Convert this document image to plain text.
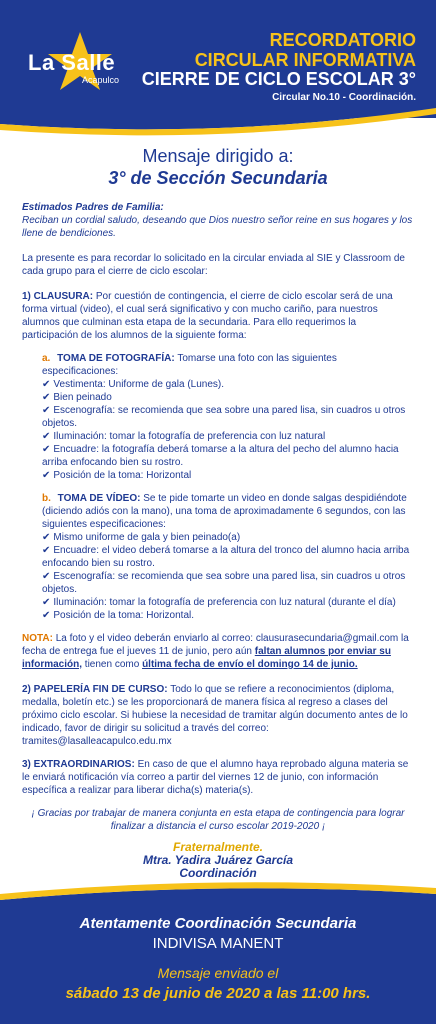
La Salle
Acapulco
RECORDATORIO
CIRCULAR INFORMATIVA
CIERRE DE CICLO ESCOLAR 3°
Circular No.10 - Coordinación.
Mensaje dirigido a:
3° de Sección Secundaria
Estimados Padres de Familia:
Reciban un cordial saludo, deseando que Dios nuestro señor reine en sus hogares y los llene de bendiciones.

La presente es para recordar lo solicitado en la circular enviada al SIE y Classroom de cada grupo para el cierre de ciclo escolar:

1) CLAUSURA: Por cuestión de contingencia, el cierre de ciclo escolar será de una forma virtual (video), el cual será significativo y con mucho cariño, para nuestros alumnos que culminan esta etapa de la secundaria. Para ello requerimos la participación de los alumnos de la siguiente forma:
a. TOMA DE FOTOGRAFÍA: Tomarse una foto con las siguientes especificaciones:
✔ Vestimenta: Uniforme de gala (Lunes).
✔ Bien peinado
✔ Escenografía: se recomienda que sea sobre una pared lisa, sin cuadros u otros objetos.
✔ Iluminación: tomar la fotografía de preferencia con luz natural
✔ Encuadre: la fotografía deberá tomarse a la altura del pecho del alumno hacia arriba enfocando bien su rostro.
✔ Posición de la toma: Horizontal
b. TOMA DE VÍDEO: Se te pide tomarte un video en donde salgas despidiéndote (diciendo adiós con la mano), una toma de aproximadamente 6 segundos, con las siguientes especificaciones:
✔ Mismo uniforme de gala y bien peinado(a)
✔ Encuadre: el video deberá tomarse a la altura del tronco del alumno hacia arriba enfocando bien su rostro.
✔ Escenografía: se recomienda que sea sobre una pared lisa, sin cuadros u otros objetos.
✔ Iluminación: tomar la fotografía de preferencia con luz natural (durante el día)
✔ Posición de la toma: Horizontal.
NOTA: La foto y el video deberán enviarlo al correo: clausurasecundaria@gmail.com la fecha de entrega fue el jueves 11 de junio, pero aún faltan alumnos por enviar su información, tienen como última fecha de envío el domingo 14 de junio.
2) PAPELERÍA FIN DE CURSO: Todo lo que se refiere a reconocimientos (diploma, medalla, boletín etc.) se les proporcionará de manera física al regreso a clases del próximo ciclo escolar. Si hubiese la necesidad de tramitar algún documento antes de lo indicado, favor de dirigir su solicitud a través del correo: tramites@lasalleacapulco.edu.mx
3) EXTRAORDINARIOS: En caso de que el alumno haya reprobado alguna materia se le enviará notificación vía correo a partir del viernes 12 de junio, con información específica a realizar para liberar dicha(s) materia(s).
¡ Gracias por trabajar de manera conjunta en esta etapa de contingencia para lograr finalizar a distancia el curso escolar 2019-2020 ¡
Fraternalmente.
Mtra. Yadira Juárez García
Coordinación
Atentamente Coordinación Secundaria
INDIVISA MANENT
Mensaje enviado el
sábado 13 de junio de 2020 a las 11:00 hrs.
